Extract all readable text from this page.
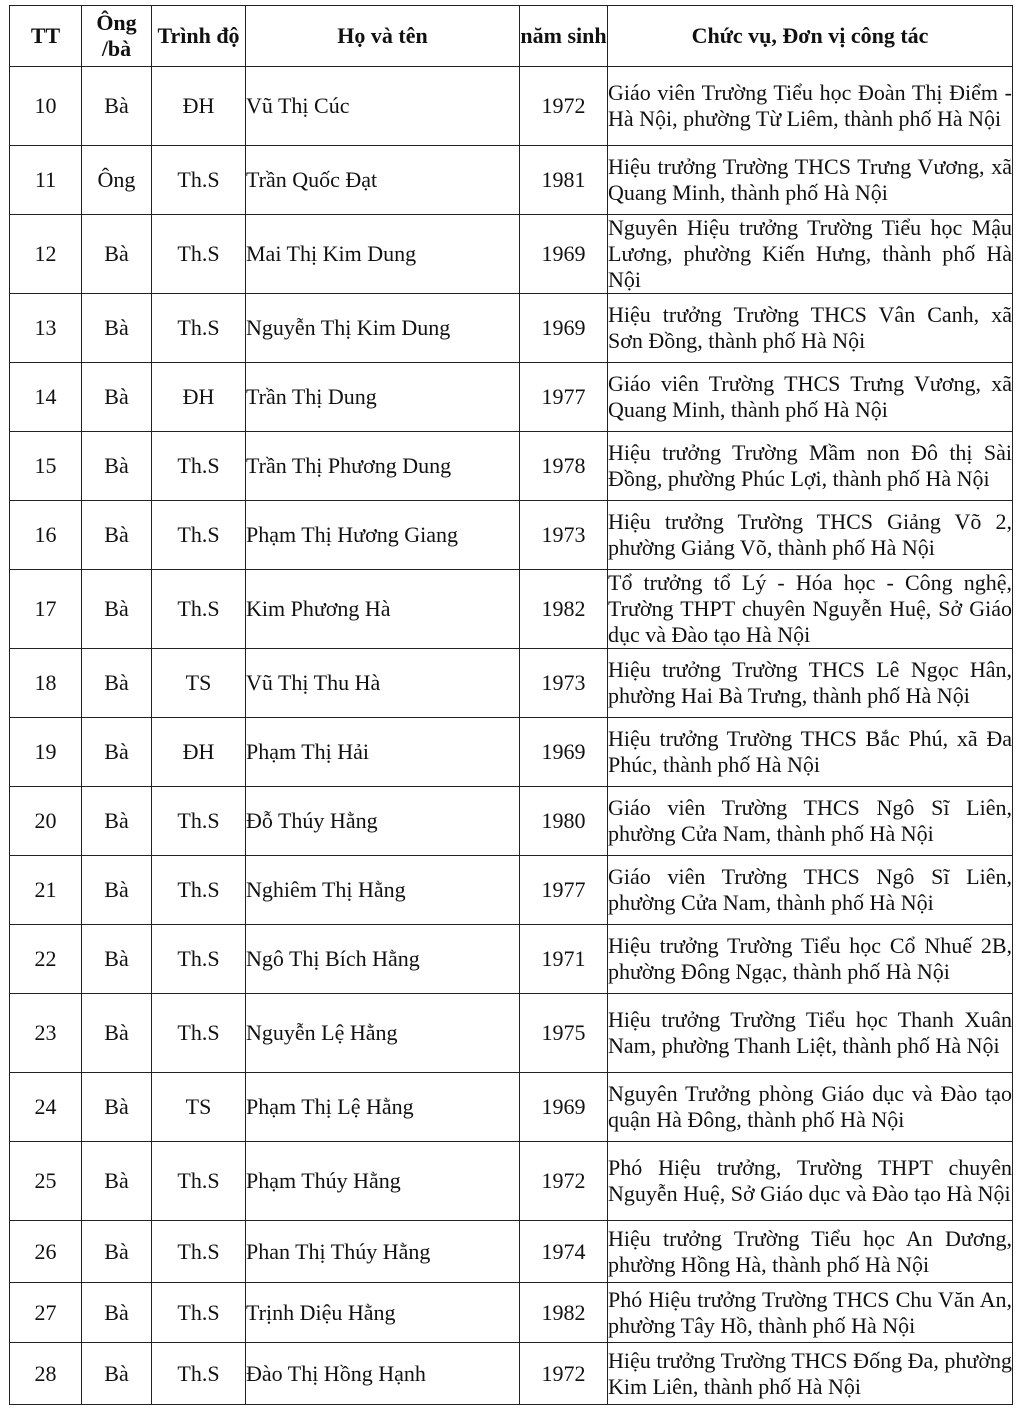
TT	Ông /bà	Trình độ	Họ và tên	năm sinh	Chức vụ, Đơn vị công tác
10	Bà	ĐH	Vũ Thị Cúc	1972	Giáo viên Trường Tiểu học Đoàn Thị Điểm - Hà Nội, phường Từ Liêm, thành phố Hà Nội
11	Ông	Th.S	Trần Quốc Đạt	1981	Hiệu trưởng Trường THCS Trưng Vương, xã Quang Minh, thành phố Hà Nội
12	Bà	Th.S	Mai Thị Kim Dung	1969	Nguyên Hiệu trưởng Trường Tiểu học Mậu Lương, phường Kiến Hưng, thành phố Hà Nội
13	Bà	Th.S	Nguyễn Thị Kim Dung	1969	Hiệu trưởng Trường THCS Vân Canh, xã Sơn Đồng, thành phố Hà Nội
14	Bà	ĐH	Trần Thị Dung	1977	Giáo viên Trường THCS Trưng Vương, xã Quang Minh, thành phố Hà Nội
15	Bà	Th.S	Trần Thị Phương Dung	1978	Hiệu trưởng Trường Mầm non Đô thị Sài Đồng, phường Phúc Lợi, thành phố Hà Nội
16	Bà	Th.S	Phạm Thị Hương Giang	1973	Hiệu trưởng Trường THCS Giảng Võ 2, phường Giảng Võ, thành phố Hà Nội
17	Bà	Th.S	Kim Phương Hà	1982	Tổ trưởng tổ Lý - Hóa học - Công nghệ, Trường THPT chuyên Nguyễn Huệ, Sở Giáo dục và Đào tạo Hà Nội
18	Bà	TS	Vũ Thị Thu Hà	1973	Hiệu trưởng Trường THCS Lê Ngọc Hân, phường Hai Bà Trưng, thành phố Hà Nội
19	Bà	ĐH	Phạm Thị Hải	1969	Hiệu trưởng Trường THCS Bắc Phú, xã Đa Phúc, thành phố Hà Nội
20	Bà	Th.S	Đỗ Thúy Hằng	1980	Giáo viên Trường THCS Ngô Sĩ Liên, phường Cửa Nam, thành phố Hà Nội
21	Bà	Th.S	Nghiêm Thị Hằng	1977	Giáo viên Trường THCS Ngô Sĩ Liên, phường Cửa Nam, thành phố Hà Nội
22	Bà	Th.S	Ngô Thị Bích Hằng	1971	Hiệu trưởng Trường Tiểu học Cổ Nhuế 2B, phường Đông Ngạc, thành phố Hà Nội
23	Bà	Th.S	Nguyễn Lệ Hằng	1975	Hiệu trưởng Trường Tiểu học Thanh Xuân Nam, phường Thanh Liệt, thành phố Hà Nội
24	Bà	TS	Phạm Thị Lệ Hằng	1969	Nguyên Trưởng phòng Giáo dục và Đào tạo quận Hà Đông, thành phố Hà Nội
25	Bà	Th.S	Phạm Thúy Hằng	1972	Phó Hiệu trưởng, Trường THPT chuyên Nguyễn Huệ, Sở Giáo dục và Đào tạo Hà Nội
26	Bà	Th.S	Phan Thị Thúy Hằng	1974	Hiệu trưởng Trường Tiểu học An Dương, phường Hồng Hà, thành phố Hà Nội
27	Bà	Th.S	Trịnh Diệu Hằng	1982	Phó Hiệu trưởng Trường THCS Chu Văn An, phường Tây Hồ, thành phố Hà Nội
28	Bà	Th.S	Đào Thị Hồng Hạnh	1972	Hiệu trưởng Trường THCS Đống Đa, phường Kim Liên, thành phố Hà Nội
